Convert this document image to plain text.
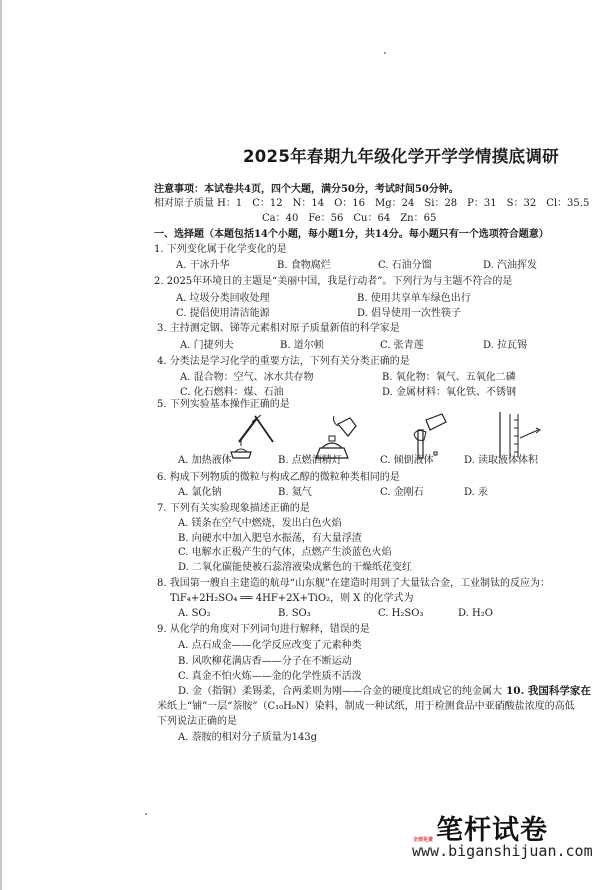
2025年春期九年级化学开学学情摸底调研
注意事项：本试卷共4页，四个大题，满分50分，考试时间50分钟。
相对原子质量 H：1　C：12　N：14　O：16　Mg：24　Si：28　P：31　S：32　Cl：35.5
Ca：40　Fe：56　Cu：64　Zn：65
一、选择题（本题包括14个小题，每小题1分，共14分。每小题只有一个选项符合题意）
1. 下列变化属于化学变化的是
A. 干冰升华	B. 食物腐烂	C. 石油分馏	D. 汽油挥发
2. 2025年环境日的主题是“美丽中国，我是行动者”。下列行为与主题不符合的是
A. 垃圾分类回收处理	B. 使用共享单车绿色出行
C. 提倡使用清洁能源	D. 倡导使用一次性筷子
3. 主持测定铟、锑等元素相对原子质量新值的科学家是
A. 门捷列夫	B. 道尔顿	C. 张青莲	D. 拉瓦锡
4. 分类法是学习化学的重要方法，下列有关分类正确的是
A. 混合物：空气、冰水共存物	B. 氧化物：氧气、五氧化二磷
C. 化石燃料：煤、石油	D. 金属材料：氧化铁、不锈钢
5. 下列实验基本操作正确的是
A. 加热液体	B. 点燃酒精灯	C. 倾倒液体	D. 读取液体体积
6. 构成下列物质的微粒与构成乙醇的微粒种类相同的是
A. 氯化钠	B. 氦气	C. 金刚石	D. 汞
7. 下列有关实验现象描述正确的是
A. 镁条在空气中燃烧，发出白色火焰
B. 向硬水中加入肥皂水振荡，有大量浮渣
C. 电解水正极产生的气体，点燃产生淡蓝色火焰
D. 二氧化碳能使被石蕊溶液染成紫色的干燥纸花变红
8. 我国第一艘自主建造的航母“山东舰”在建造时用到了大量钛合金，工业制钛的反应为：
TiF₄+2H₂SO₄ ══ 4HF+2X+TiO₂，则 X 的化学式为
A. SO₂	B. SO₃	C. H₂SO₃	D. H₂O
9. 从化学的角度对下列词句进行解释，错误的是
A. 点石成金——化学反应改变了元素种类
B. 风吹柳花满店香——分子在不断运动
C. 真金不怕火炼——金的化学性质不活泼
D. 金（指铜）柔锡柔，合两柔则为刚——合金的硬度比组成它的纯金属大 10. 我国科学家在
米纸上“铺”一层“萘胺”（C₁₀H₉N）染料，制成一种试纸，用于检测食品中亚硝酸盐浓度的高低
下列说法正确的是
A. 萘胺的相对分子质量为143g
笔杆试卷
全部免费
www.biganshijuan.com
